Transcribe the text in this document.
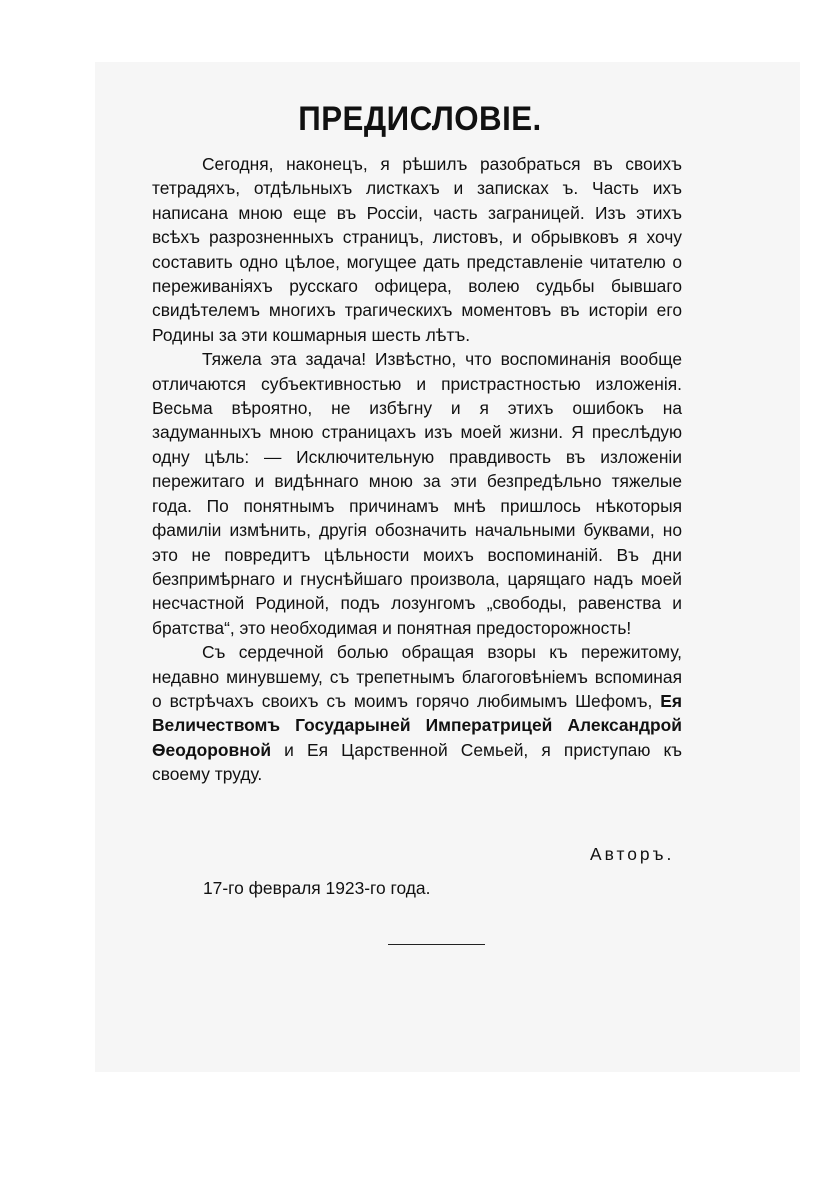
ПРЕДИСЛОВІЕ.

Сегодня, наконецъ, я рѣшилъ разобраться въ своихъ тетрадяхъ, отдѣльныхъ листкахъ и записках ъ. Часть ихъ написана мною еще въ Россіи, часть заграницей. Изъ этихъ всѣхъ разрозненныхъ страницъ, листовъ, и обрывковъ я хочу составить одно цѣлое, могущее дать представленіе читателю о переживаніяхъ русскаго офицера, волею судьбы бывшаго свидѣтелемъ многихъ трагическихъ моментовъ въ исторіи его Родины за эти кошмарныя шесть лѣтъ.

Тяжела эта задача! Извѣстно, что воспоминанія вообще отличаются субъективностью и пристрастностью изложенія. Весьма вѣроятно, не избѣгну и я этихъ ошибокъ на задуманныхъ мною страницахъ изъ моей жизни. Я преслѣдую одну цѣль: — Исключительную правдивость въ изложеніи пережитаго и видѣннаго мною за эти безпредѣльно тяжелые года. По понятнымъ причинамъ мнѣ пришлось нѣкоторыя фамиліи измѣнить, другія обозначить начальными буквами, но это не повредитъ цѣльности моихъ воспоминаній. Въ дни безпримѣрнаго и гнуснѣйшаго произвола, царящаго надъ моей несчастной Родиной, подъ лозунгомъ „свободы, равенства и братства“, это необходимая и понятная предосторожность!

Съ сердечной болью обращая взоры къ пережитому, недавно минувшему, съ трепетнымъ благоговѣніемъ вспоминая о встрѣчахъ своихъ съ моимъ горячо любимымъ Шефомъ, Ея Величествомъ Государыней Императрицей Александрой Ѳеодоровной и Ея Царственной Семьей, я приступаю къ своему труду.

Авторъ.
17-го февраля 1923-го года.
